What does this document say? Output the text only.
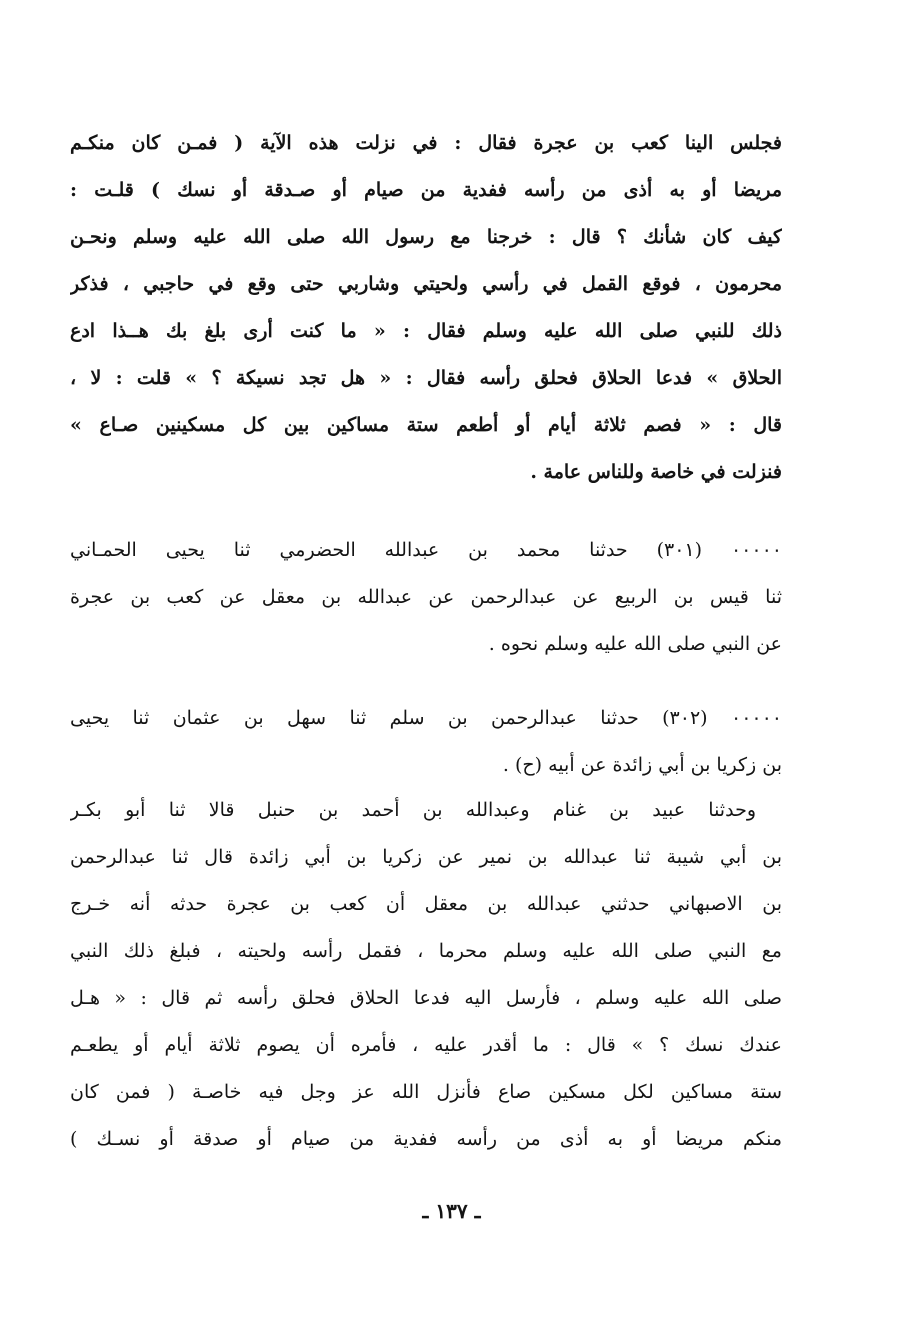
فجلس الينا كعب بن عجرة فقال : في نزلت هذه الآية ( فمـن كان منكـم
مريضا أو به أذى من رأسه ففدية من صيام أو صـدقة أو نسك ) قلـت :
كيف كان شأنك ؟ قال : خرجنا مع رسول الله صلى الله عليه وسلم ونحـن
محرمون ، فوقع القمل في رأسي ولحيتي وشاربي حتى وقع في حاجبي ، فذكر
ذلك للنبي صلى الله عليه وسلم فقال : « ما كنت أرى بلغ بك هــذا ادع
الحلاق » فدعا الحلاق فحلق رأسه فقال : « هل تجد نسيكة ؟ » قلت : لا ،
قال : « فصم ثلاثة أيام أو أطعم ستة مساكين بين كل مسكينين صـاع »
فنزلت في خاصة وللناس عامة .
٠٠٠٠٠ (٣٠١) حدثنا محمد بن عبدالله الحضرمي ثنا يحيى الحمـاني
ثنا قيس بن الربيع عن عبدالرحمن عن عبدالله بن معقل عن كعب بن عجرة
عن النبي صلى الله عليه وسلم نحوه .
٠٠٠٠٠ (٣٠٢) حدثنا عبدالرحمن بن سلم ثنا سهل بن عثمان ثنا يحيى
بن زكريا بن أبي زائدة عن أبيه (ح) .
وحدثنا عبيد بن غنام وعبدالله بن أحمد بن حنبل قالا ثنا أبو بكـر
بن أبي شيبة ثنا عبدالله بن نمير عن زكريا بن أبي زائدة قال ثنا عبدالرحمن
بن الاصبهاني حدثني عبدالله بن معقل أن كعب بن عجرة حدثه أنه خـرج
مع النبي صلى الله عليه وسلم محرما ، فقمل رأسه ولحيته ، فبلغ ذلك النبي
صلى الله عليه وسلم ، فأرسل اليه فدعا الحلاق فحلق رأسه ثم قال : « هـل
عندك نسك ؟ » قال : ما أقدر عليه ، فأمره أن يصوم ثلاثة أيام أو يطعـم
ستة مساكين لكل مسكين صاع فأنزل الله عز وجل فيه خاصـة ( فمن كان
منكم مريضا أو به أذى من رأسه ففدية من صيام أو صدقة أو نسـك )
ـ ١٣٧ ـ
